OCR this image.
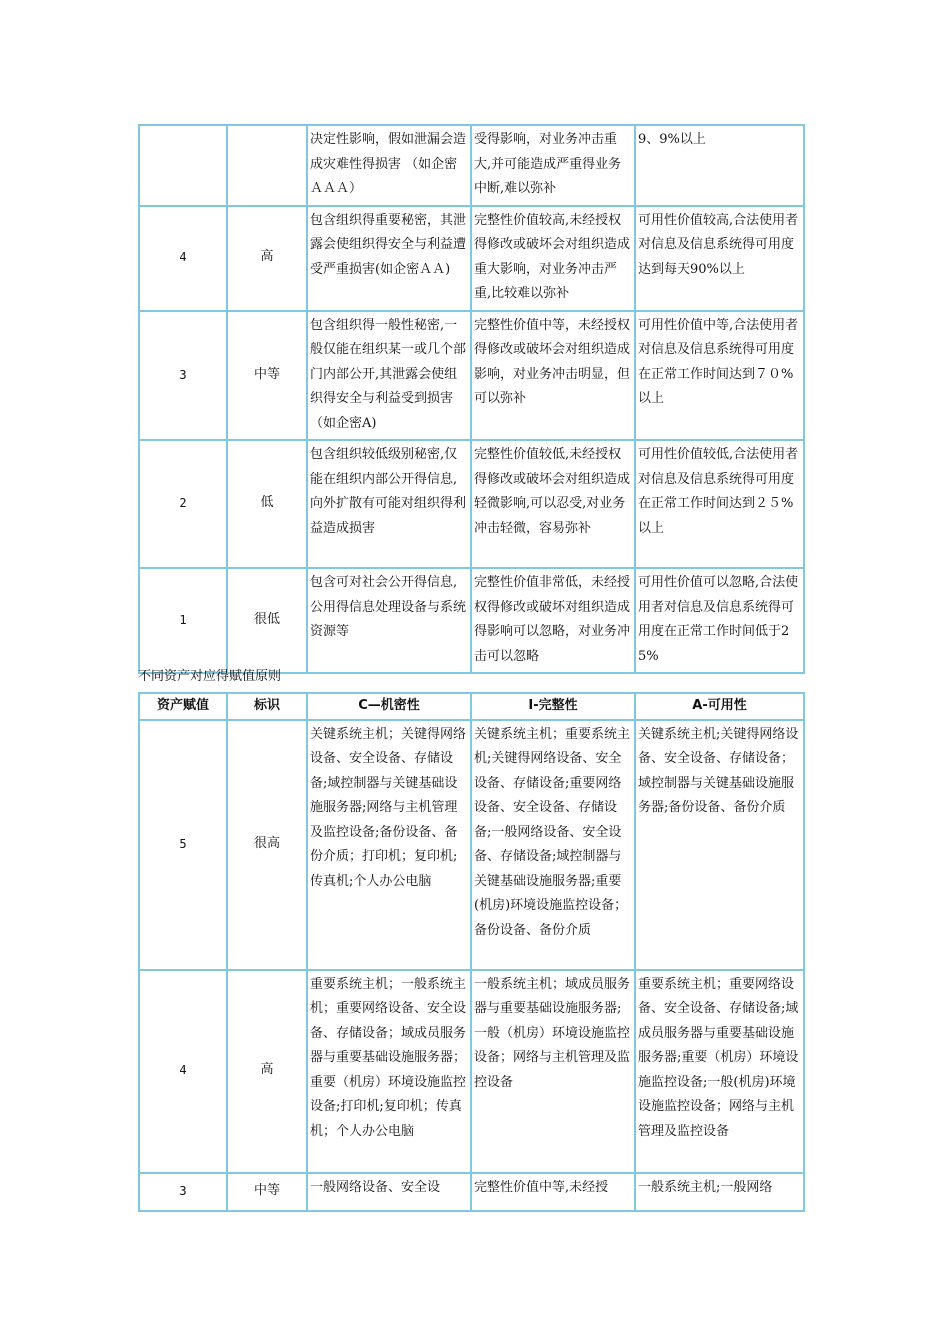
		决定性影响，假如泄漏会造成灾难性得损害 （如企密ＡＡＡ）	受得影响，对业务冲击重大,并可能造成严重得业务中断,难以弥补	9、9%以上
4	高	包含组织得重要秘密，其泄露会使组织得安全与利益遭受严重损害(如企密ＡＡ)	完整性价值较高,未经授权得修改或破坏会对组织造成重大影响，对业务冲击严重,比较难以弥补	可用性价值较高,合法使用者对信息及信息系统得可用度达到每天90%以上
3	中等	包含组织得一般性秘密,一般仅能在组织某一或几个部门内部公开,其泄露会使组织得安全与利益受到损害（如企密A)	完整性价值中等，未经授权得修改或破坏会对组织造成影响，对业务冲击明显，但可以弥补	可用性价值中等,合法使用者对信息及信息系统得可用度在正常工作时间达到７０%以上
2	低	包含组织较低级别秘密,仅能在组织内部公开得信息,向外扩散有可能对组织得利益造成损害	完整性价值较低,未经授权得修改或破坏会对组织造成轻微影响,可以忍受,对业务冲击轻微，容易弥补	可用性价值较低,合法使用者对信息及信息系统得可用度在正常工作时间达到２５%以上
1	很低	包含可对社会公开得信息,公用得信息处理设备与系统资源等	完整性价值非常低，未经授权得修改或破坏对组织造成得影响可以忽略，对业务冲击可以忽略	可用性价值可以忽略,合法使用者对信息及信息系统得可用度在正常工作时间低于25%
不同资产对应得赋值原则
资产赋值	标识	C—机密性	I-完整性	A-可用性
5	很高	关键系统主机；关键得网络设备、安全设备、存储设备;域控制器与关键基础设施服务器;网络与主机管理及监控设备;备份设备、备份介质；打印机；复印机;传真机;个人办公电脑	关键系统主机；重要系统主机;关键得网络设备、安全设备、存储设备;重要网络设备、安全设备、存储设备;一般网络设备、安全设备、存储设备;域控制器与关键基础设施服务器;重要(机房)环境设施监控设备；备份设备、备份介质	关键系统主机;关键得网络设备、安全设备、存储设备；域控制器与关键基础设施服务器;备份设备、备份介质
4	高	重要系统主机；一般系统主机；重要网络设备、安全设备、存储设备；域成员服务器与重要基础设施服务器；重要（机房）环境设施监控设备;打印机;复印机；传真机；个人办公电脑	一般系统主机；域成员服务器与重要基础设施服务器;一般（机房）环境设施监控设备；网络与主机管理及监控设备	重要系统主机；重要网络设备、安全设备、存储设备;域成员服务器与重要基础设施服务器;重要（机房）环境设施监控设备;一般(机房)环境设施监控设备；网络与主机管理及监控设备
3	中等	一般网络设备、安全设	完整性价值中等,未经授	一般系统主机;一般网络
